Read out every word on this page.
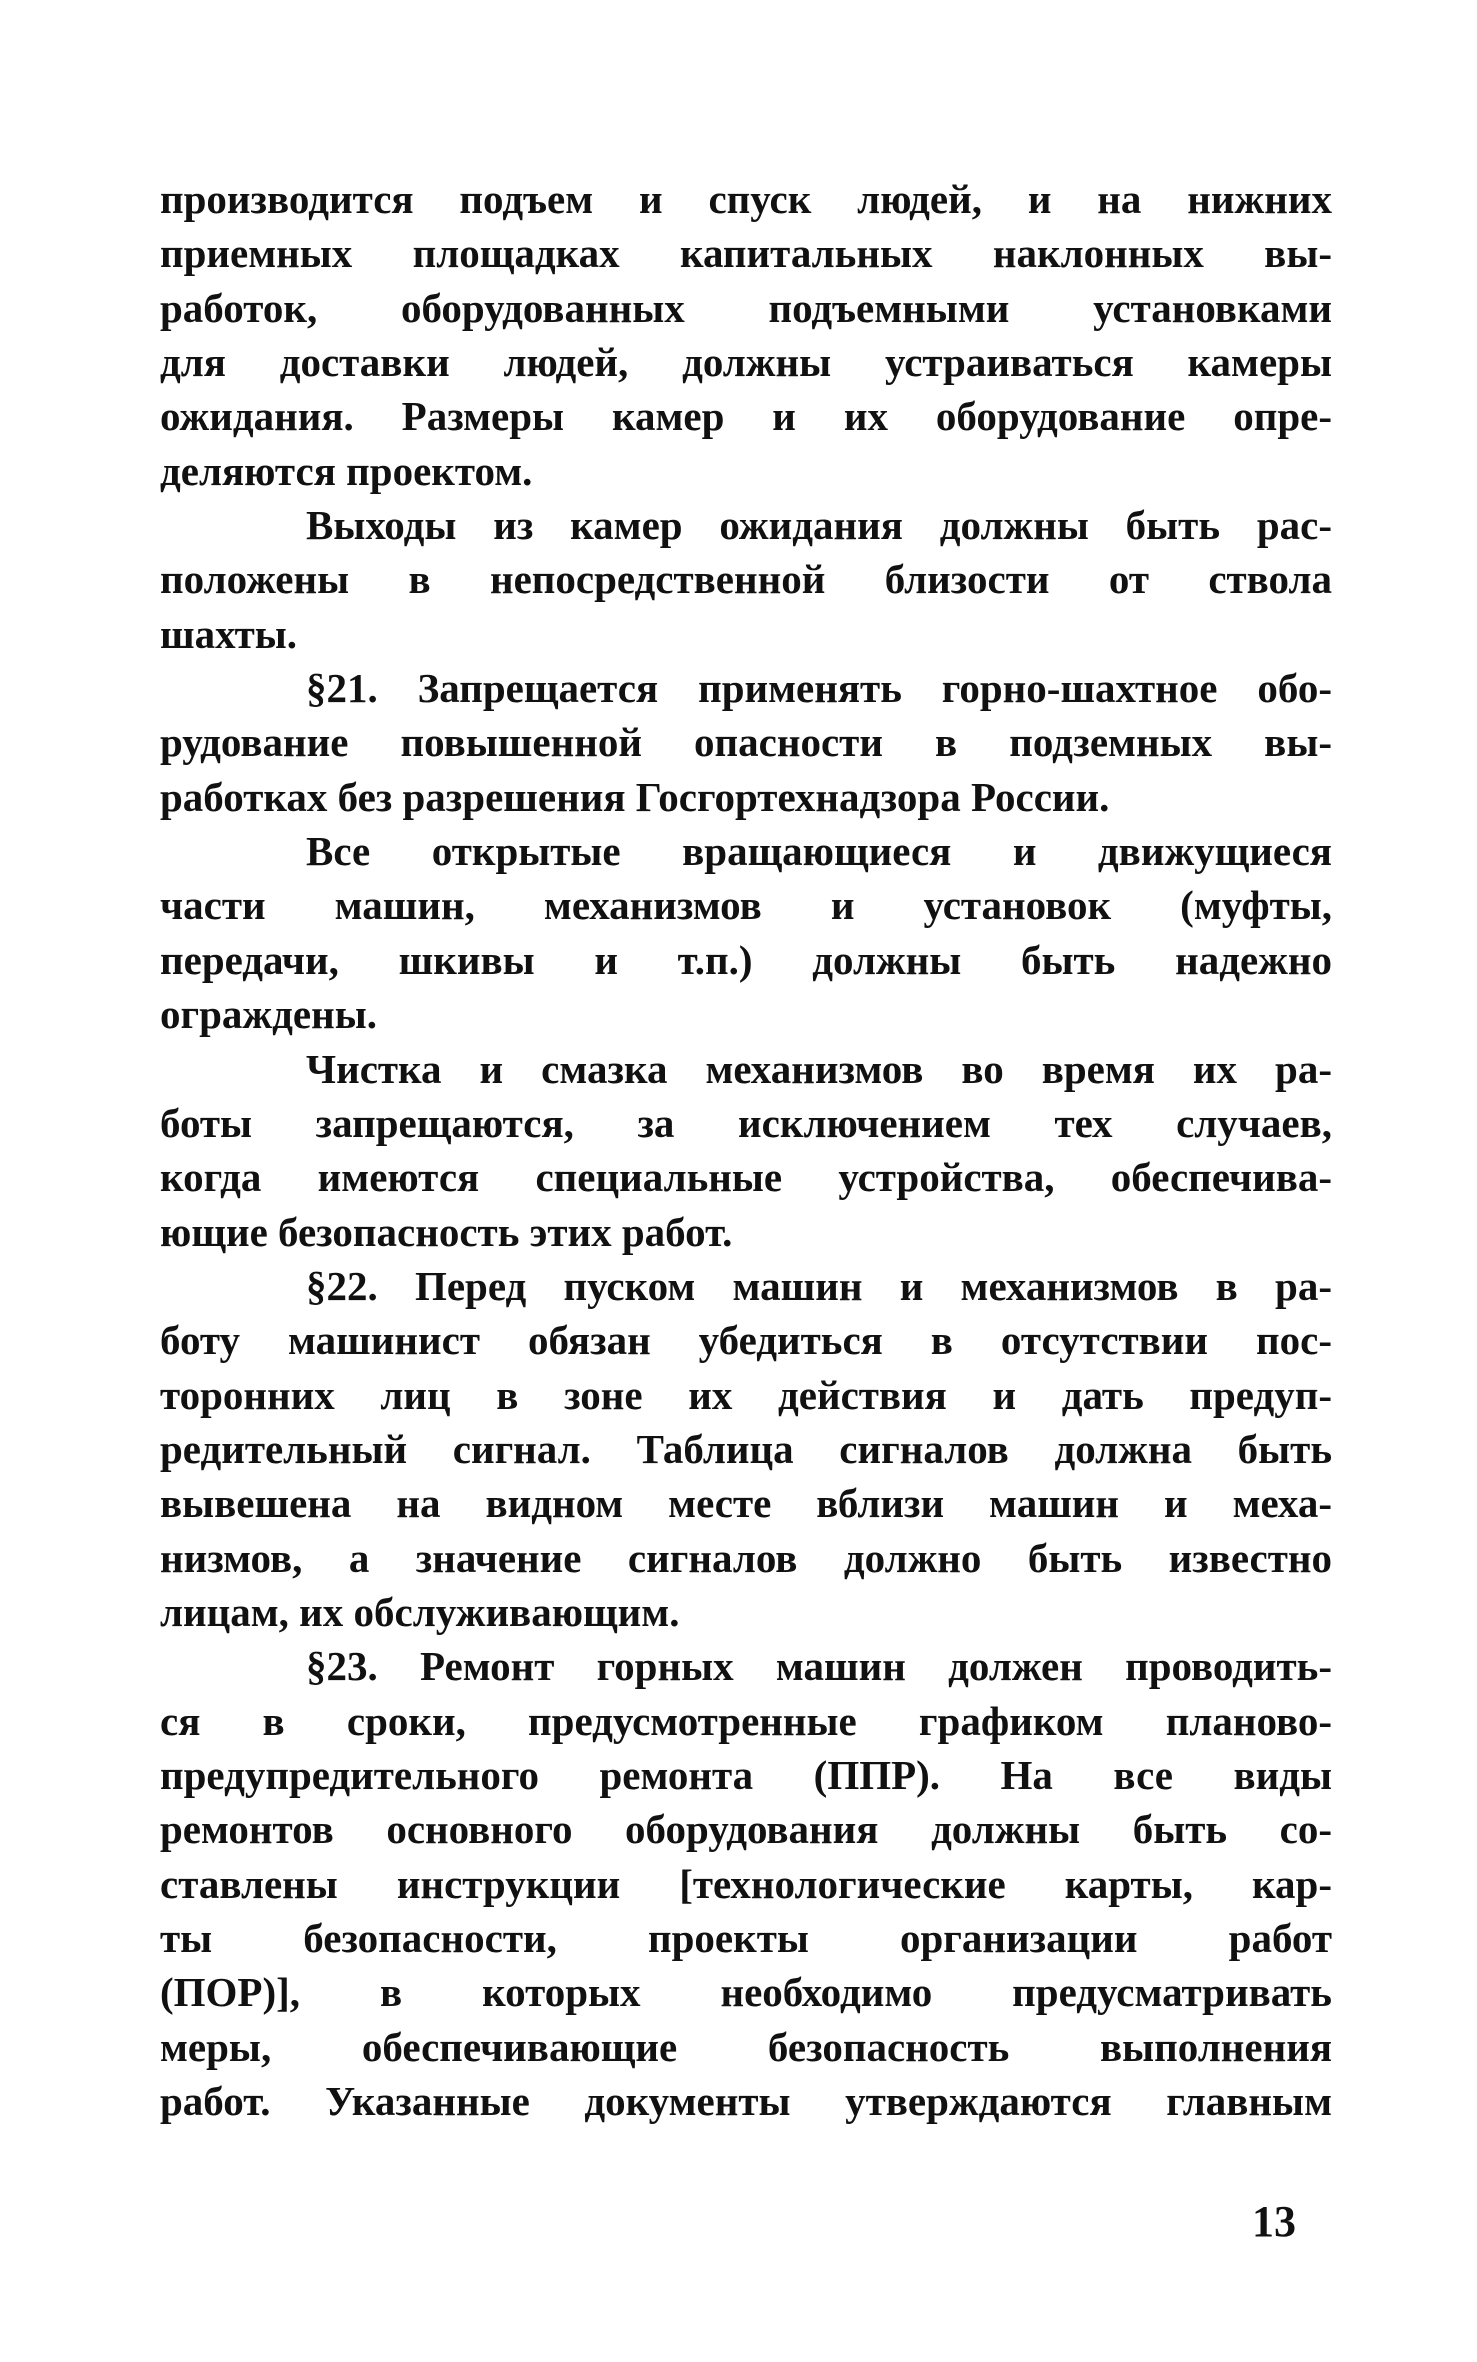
производится подъем и спуск людей, и на нижних
приемных площадках капитальных наклонных вы-
работок, оборудованных подъемными установками
для доставки людей, должны устраиваться камеры
ожидания. Размеры камер и их оборудование опре-
деляются проектом.
Выходы из камер ожидания должны быть рас-
положены в непосредственной близости от ствола
шахты.
§21. Запрещается применять горно-шахтное обо-
рудование повышенной опасности в подземных вы-
работках без разрешения Госгортехнадзора России.
Все открытые вращающиеся и движущиеся
части машин, механизмов и установок (муфты,
передачи, шкивы и т.п.) должны быть надежно
ограждены.
Чистка и смазка механизмов во время их ра-
боты запрещаются, за исключением тех случаев,
когда имеются специальные устройства, обеспечива-
ющие безопасность этих работ.
§22. Перед пуском машин и механизмов в ра-
боту машинист обязан убедиться в отсутствии пос-
торонних лиц в зоне их действия и дать предуп-
редительный сигнал. Таблица сигналов должна быть
вывешена на видном месте вблизи машин и меха-
низмов, а значение сигналов должно быть известно
лицам, их обслуживающим.
§23. Ремонт горных машин должен проводить-
ся в сроки, предусмотренные графиком планово-
предупредительного ремонта (ППР). На все виды
ремонтов основного оборудования должны быть со-
ставлены инструкции [технологические карты, кар-
ты безопасности, проекты организации работ
(ПОР)], в которых необходимо предусматривать
меры, обеспечивающие безопасность выполнения
работ. Указанные документы утверждаются главным
13
